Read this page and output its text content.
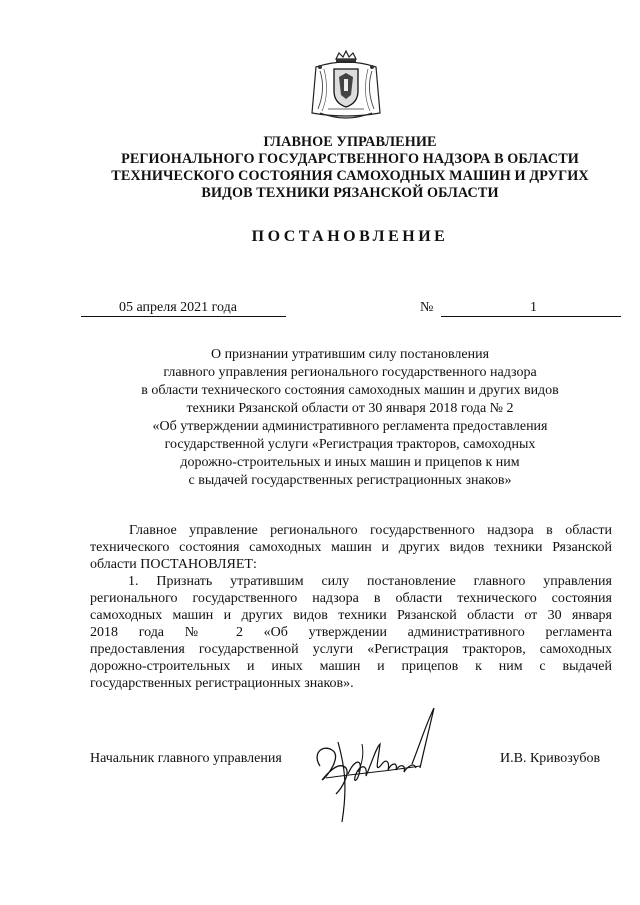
ГЛАВНОЕ УПРАВЛЕНИЕ
РЕГИОНАЛЬНОГО ГОСУДАРСТВЕННОГО НАДЗОРА В ОБЛАСТИ
ТЕХНИЧЕСКОГО СОСТОЯНИЯ САМОХОДНЫХ МАШИН И ДРУГИХ
ВИДОВ ТЕХНИКИ РЯЗАНСКОЙ ОБЛАСТИ
ПОСТАНОВЛЕНИЕ
05 апреля 2021 года	№	1
О признании утратившим силу постановления
главного управления регионального государственного надзора
в области технического состояния самоходных машин и других видов
техники Рязанской области от 30 января 2018 года № 2
«Об утверждении административного регламента предоставления
государственной услуги «Регистрация тракторов, самоходных
дорожно-строительных и иных машин и прицепов к ним
с выдачей государственных регистрационных знаков»
Главное управление регионального государственного надзора в области
технического состояния самоходных машин и других видов техники Рязанской
области ПОСТАНОВЛЯЕТ:
1. Признать утратившим силу постановление главного управления
регионального государственного надзора в области технического состояния
самоходных машин и других видов техники Рязанской области от 30 января
2018 года № 2 «Об утверждении административного регламента
предоставления государственной услуги «Регистрация тракторов, самоходных
дорожно-строительных и иных машин и прицепов к ним с выдачей
государственных регистрационных знаков».
Начальник главного управления	И.В. Кривозубов
